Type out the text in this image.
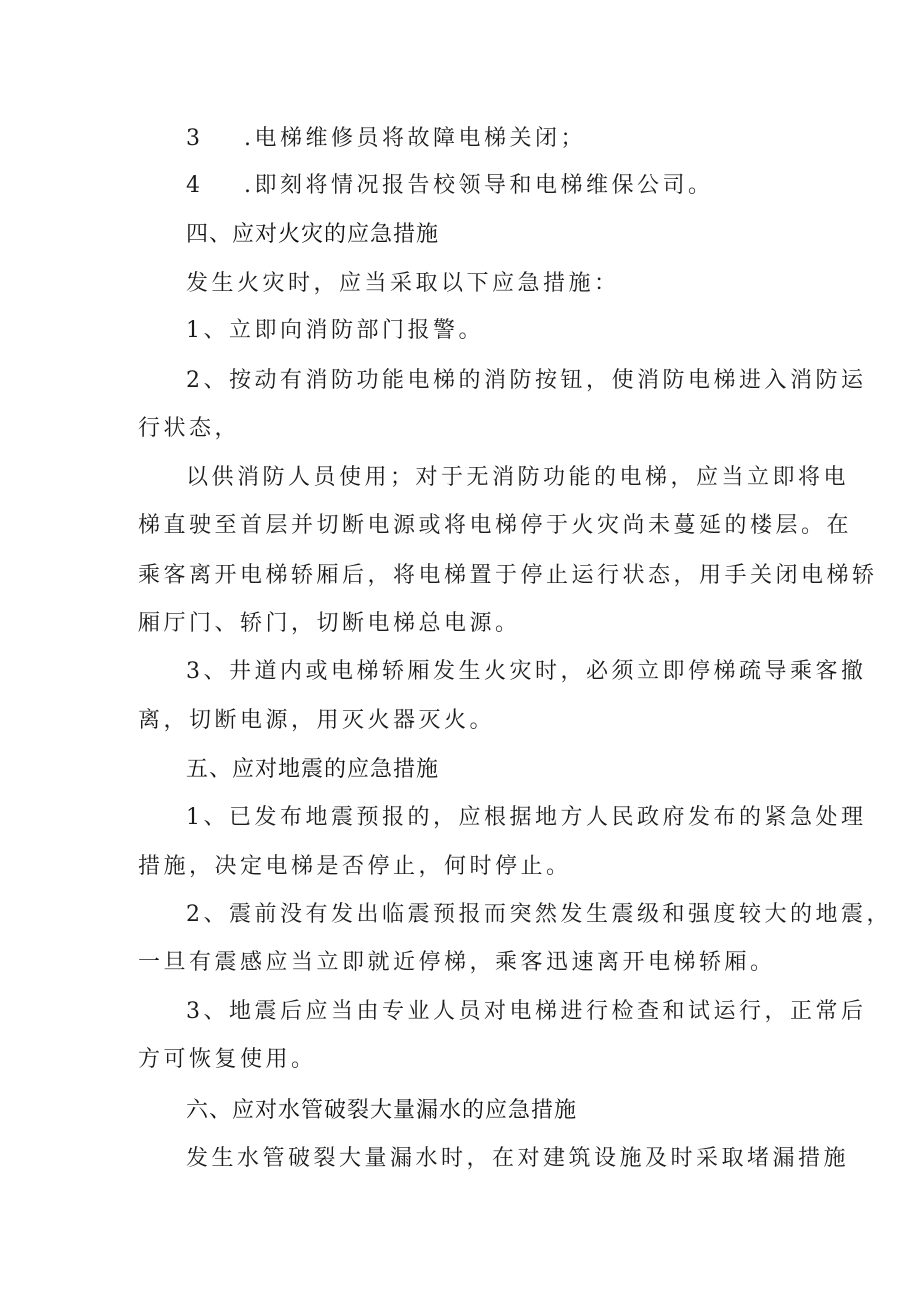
3 .电梯维修员将故障电梯关闭；
4 .即刻将情况报告校领导和电梯维保公司。
四、应对火灾的应急措施
发生火灾时，应当采取以下应急措施：
1、立即向消防部门报警。
2、按动有消防功能电梯的消防按钮，使消防电梯进入消防运
行状态，
以供消防人员使用；对于无消防功能的电梯，应当立即将电
梯直驶至首层并切断电源或将电梯停于火灾尚未蔓延的楼层。在
乘客离开电梯轿厢后，将电梯置于停止运行状态，用手关闭电梯轿
厢厅门、轿门，切断电梯总电源。
3、井道内或电梯轿厢发生火灾时，必须立即停梯疏导乘客撤
离，切断电源，用灭火器灭火。
五、应对地震的应急措施
1、已发布地震预报的，应根据地方人民政府发布的紧急处理
措施，决定电梯是否停止，何时停止。
2、震前没有发出临震预报而突然发生震级和强度较大的地震，
一旦有震感应当立即就近停梯，乘客迅速离开电梯轿厢。
3、地震后应当由专业人员对电梯进行检查和试运行，正常后
方可恢复使用。
六、应对水管破裂大量漏水的应急措施
发生水管破裂大量漏水时，在对建筑设施及时采取堵漏措施
